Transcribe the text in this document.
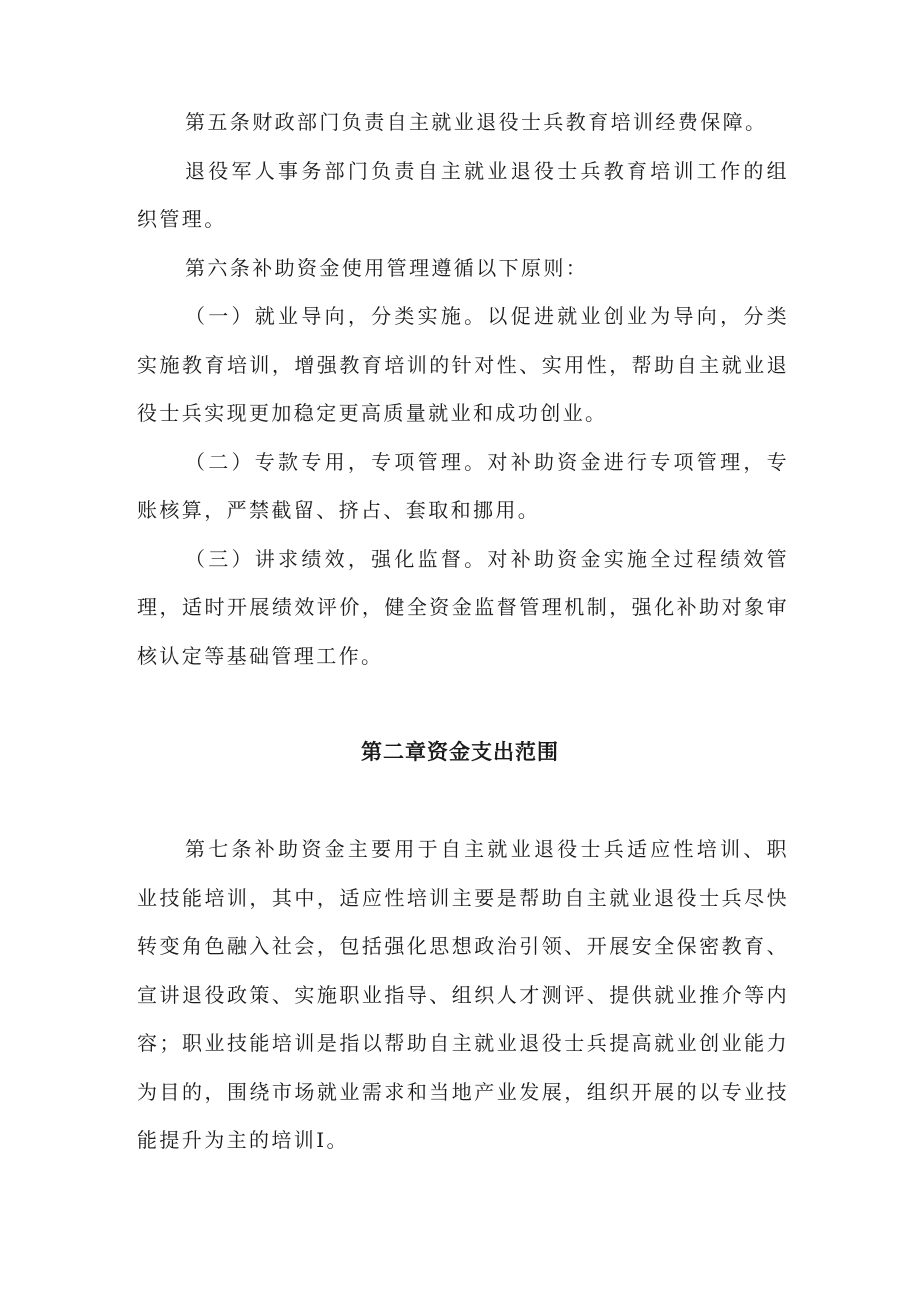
第五条财政部门负责自主就业退役士兵教育培训经费保障。

退役军人事务部门负责自主就业退役士兵教育培训工作的组织管理。

第六条补助资金使用管理遵循以下原则：

（一）就业导向，分类实施。以促进就业创业为导向，分类实施教育培训，增强教育培训的针对性、实用性，帮助自主就业退役士兵实现更加稳定更高质量就业和成功创业。

（二）专款专用，专项管理。对补助资金进行专项管理，专账核算，严禁截留、挤占、套取和挪用。

（三）讲求绩效，强化监督。对补助资金实施全过程绩效管理，适时开展绩效评价，健全资金监督管理机制，强化补助对象审核认定等基础管理工作。

第二章资金支出范围

第七条补助资金主要用于自主就业退役士兵适应性培训、职业技能培训，其中，适应性培训主要是帮助自主就业退役士兵尽快转变角色融入社会，包括强化思想政治引领、开展安全保密教育、宣讲退役政策、实施职业指导、组织人才测评、提供就业推介等内容；职业技能培训是指以帮助自主就业退役士兵提高就业创业能力为目的，围绕市场就业需求和当地产业发展，组织开展的以专业技能提升为主的培训I。
